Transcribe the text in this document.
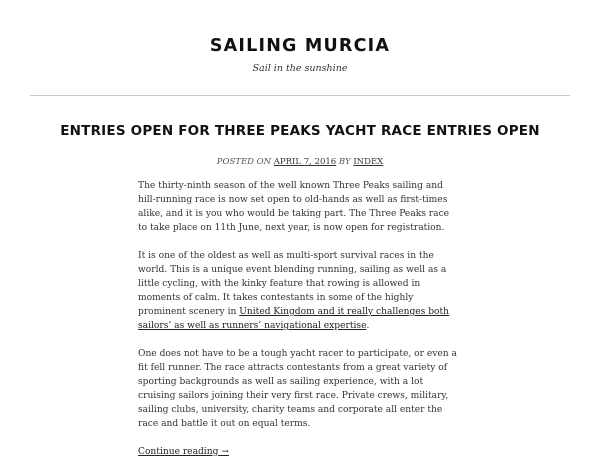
SAILING MURCIA

Sail in the sunshine

ENTRIES OPEN FOR THREE PEAKS YACHT RACE ENTRIES OPEN
POSTED ON APRIL 7, 2016 BY INDEX

The thirty-ninth season of the well known Three Peaks sailing and hill-running race is now set open to old-hands as well as first-times alike, and it is you who would be taking part. The Three Peaks race to take place on 11th June, next year, is now open for registration.

It is one of the oldest as well as multi-sport survival races in the world. This is a unique event blending running, sailing as well as a little cycling, with the kinky feature that rowing is allowed in moments of calm. It takes contestants in some of the highly prominent scenery in United Kingdom and it really challenges both sailors’ as well as runners’ navigational expertise.

One does not have to be a tough yacht racer to participate, or even a fit fell runner. The race attracts contestants from a great variety of sporting backgrounds as well as sailing experience, with a lot cruising sailors joining their very first race. Private crews, military, sailing clubs, university, charity teams and corporate all enter the race and battle it out on equal terms.

Continue reading →
